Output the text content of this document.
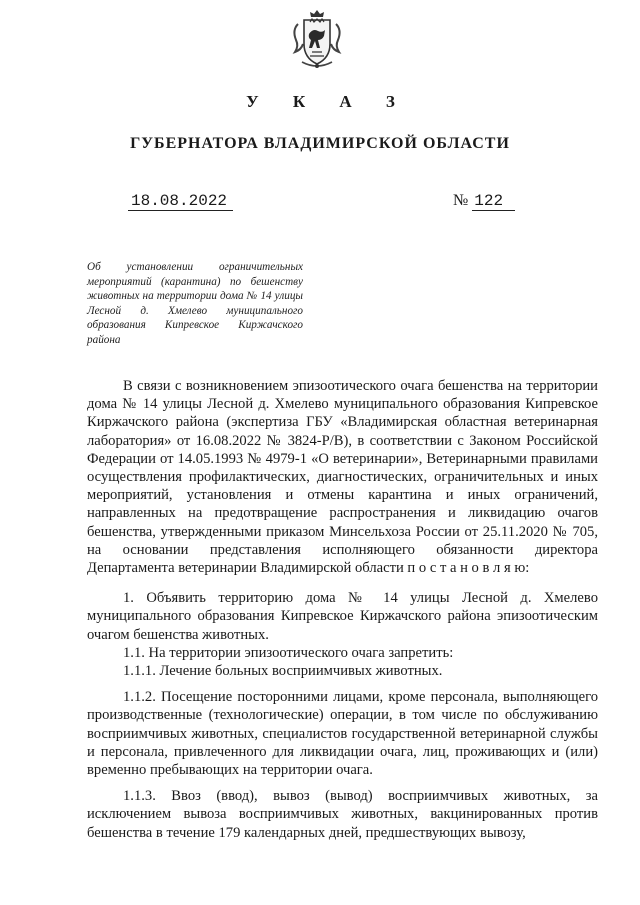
У К А З
ГУБЕРНАТОРА ВЛАДИМИРСКОЙ ОБЛАСТИ
18.08.2022	№ 122
Об установлении ограничительных мероприятий (карантина) по бешенству животных на территории дома № 14 улицы Лесной д. Хмелево муниципального образования Кипревское Киржачского района

В связи с возникновением эпизоотического очага бешенства на территории дома № 14 улицы Лесной д. Хмелево муниципального образования Кипревское Киржачского района (экспертиза ГБУ «Владимирская областная ветеринарная лаборатория» от 16.08.2022 № 3824-Р/В), в соответствии с Законом Российской Федерации от 14.05.1993 № 4979-1 «О ветеринарии», Ветеринарными правилами осуществления профилактических, диагностических, ограничительных и иных мероприятий, установления и отмены карантина и иных ограничений, направленных на предотвращение распространения и ликвидацию очагов бешенства, утвержденными приказом Минсельхоза России от 25.11.2020 № 705, на основании представления исполняющего обязанности директора Департамента ветеринарии Владимирской области п о с т а н о в л я ю:

1. Объявить территорию дома № 14 улицы Лесной д. Хмелево муниципального образования Кипревское Киржачского района эпизоотическим очагом бешенства животных.

1.1. На территории эпизоотического очага запретить:

1.1.1. Лечение больных восприимчивых животных.

1.1.2. Посещение посторонними лицами, кроме персонала, выполняющего производственные (технологические) операции, в том числе по обслуживанию восприимчивых животных, специалистов государственной ветеринарной службы и персонала, привлеченного для ликвидации очага, лиц, проживающих и (или) временно пребывающих на территории очага.

1.1.3. Ввоз (ввод), вывоз (вывод) восприимчивых животных, за исключением вывоза восприимчивых животных, вакцинированных против бешенства в течение 179 календарных дней, предшествующих вывозу,
